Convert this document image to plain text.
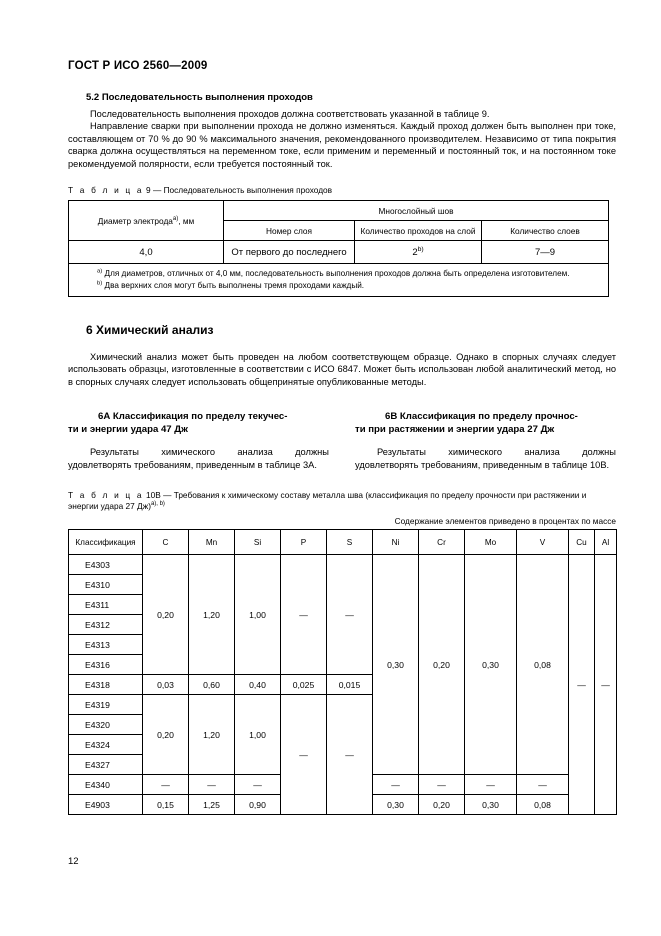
ГОСТ Р ИСО 2560—2009
5.2 Последовательность выполнения проходов

Последовательность выполнения проходов должна соответствовать указанной в таблице 9.

Направление сварки при выполнении прохода не должно изменяться. Каждый проход должен быть выполнен при токе, составляющем от 70 % до 90 % максимального значения, рекомендованного производителем. Независимо от типа покрытия сварка должна осуществляться на переменном токе, если применим и переменный и постоянный ток, и на постоянном токе рекомендуемой полярности, если требуется постоянный ток.

Т а б л и ц а 9 — Последовательность выполнения проходов
Диаметр электрода$^{а)}$, мм	Многослойный шов		
	Номер слоя	Количество проходов на слой	Количество слоев
4,0	От первого до последнего	2$^{b)}$	7—9

$^{а)}$ Для диаметров, отличных от 4,0 мм, последовательность выполнения проходов должна быть определена изготовителем.
$^{b)}$ Два верхних слоя могут быть выполнены тремя проходами каждый.			
6 Химический анализ

Химический анализ может быть проведен на любом соответствующем образце. Однако в спорных случаях следует использовать образцы, изготовленные в соответствии с ИСО 6847. Может быть использован любой аналитический метод, но в спорных случаях следует использовать общепринятые опубликованные методы.

6А Классификация по пределу текучес-
ти и энергии удара 47 Дж

Результаты химического анализа должны удовлетворять требованиям, приведенным в таблице 3А.

6В Классификация по пределу прочнос-
ти при растяжении и энергии удара 27 Дж

Результаты химического анализа должны удовлетворять требованиям, приведенным в таблице 10В.

Т а б л и ц а 10В — Требования к химическому составу металла шва (классификация по пределу прочности при растяжении и энергии удара 27 Дж)$^{а), b)}$
Содержание элементов приведено в процентах по массе
Классификация	C	Mn	Si	P	S	Ni	Cr	Mo	V	Cu	Al
E4303	0,20	1,20	1,00	—	—	0,30	0,20	0,30	0,08	—	—
E4310											
E4311											
E4312											
E4313											
E4316											
E4318	0,03	0,60	0,40	0,025	0,015						
E4319	0,20	1,20	1,00	—	—						
E4320											
E4324											
E4327											
E4340	—	—	—			—	—	—	—		
E4903	0,15	1,25	0,90			0,30	0,20	0,30	0,08		
12
